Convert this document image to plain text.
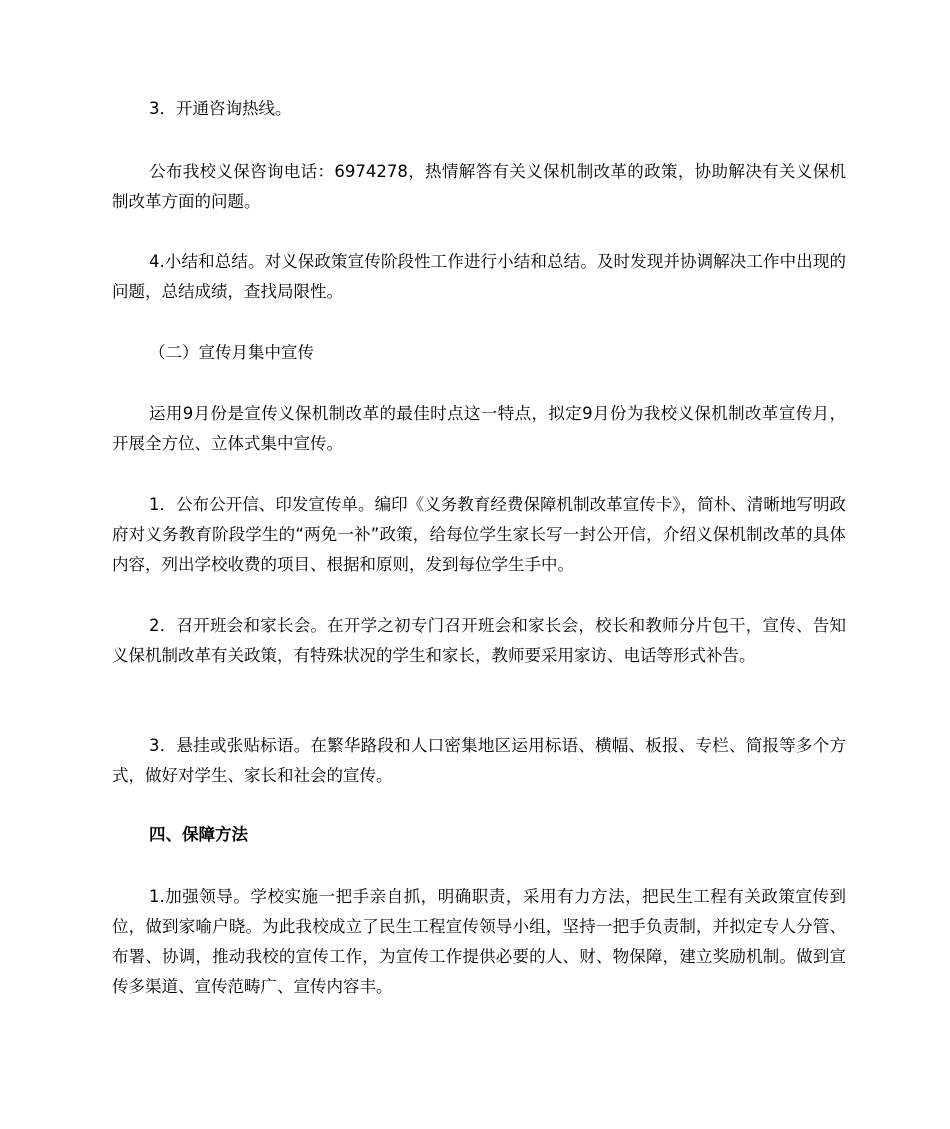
3．开通咨询热线。

公布我校义保咨询电话：6974278，热情解答有关义保机制改革的政策，协助解决有关义保机制改革方面的问题。

4.小结和总结。对义保政策宣传阶段性工作进行小结和总结。及时发现并协调解决工作中出现的问题，总结成绩，查找局限性。

（二）宣传月集中宣传

运用9月份是宣传义保机制改革的最佳时点这一特点，拟定9月份为我校义保机制改革宣传月，开展全方位、立体式集中宣传。

1．公布公开信、印发宣传单。编印《义务教育经费保障机制改革宣传卡》，简朴、清晰地写明政府对义务教育阶段学生的“两免一补”政策，给每位学生家长写一封公开信，介绍义保机制改革的具体内容，列出学校收费的项目、根据和原则，发到每位学生手中。

2．召开班会和家长会。在开学之初专门召开班会和家长会，校长和教师分片包干，宣传、告知义保机制改革有关政策，有特殊状况的学生和家长，教师要采用家访、电话等形式补告。

3．悬挂或张贴标语。在繁华路段和人口密集地区运用标语、横幅、板报、专栏、简报等多个方式，做好对学生、家长和社会的宣传。

四、保障方法

1.加强领导。学校实施一把手亲自抓，明确职责，采用有力方法，把民生工程有关政策宣传到位，做到家喻户晓。为此我校成立了民生工程宣传领导小组，坚持一把手负责制，并拟定专人分管、布署、协调，推动我校的宣传工作，为宣传工作提供必要的人、财、物保障，建立奖励机制。做到宣传多渠道、宣传范畴广、宣传内容丰。
